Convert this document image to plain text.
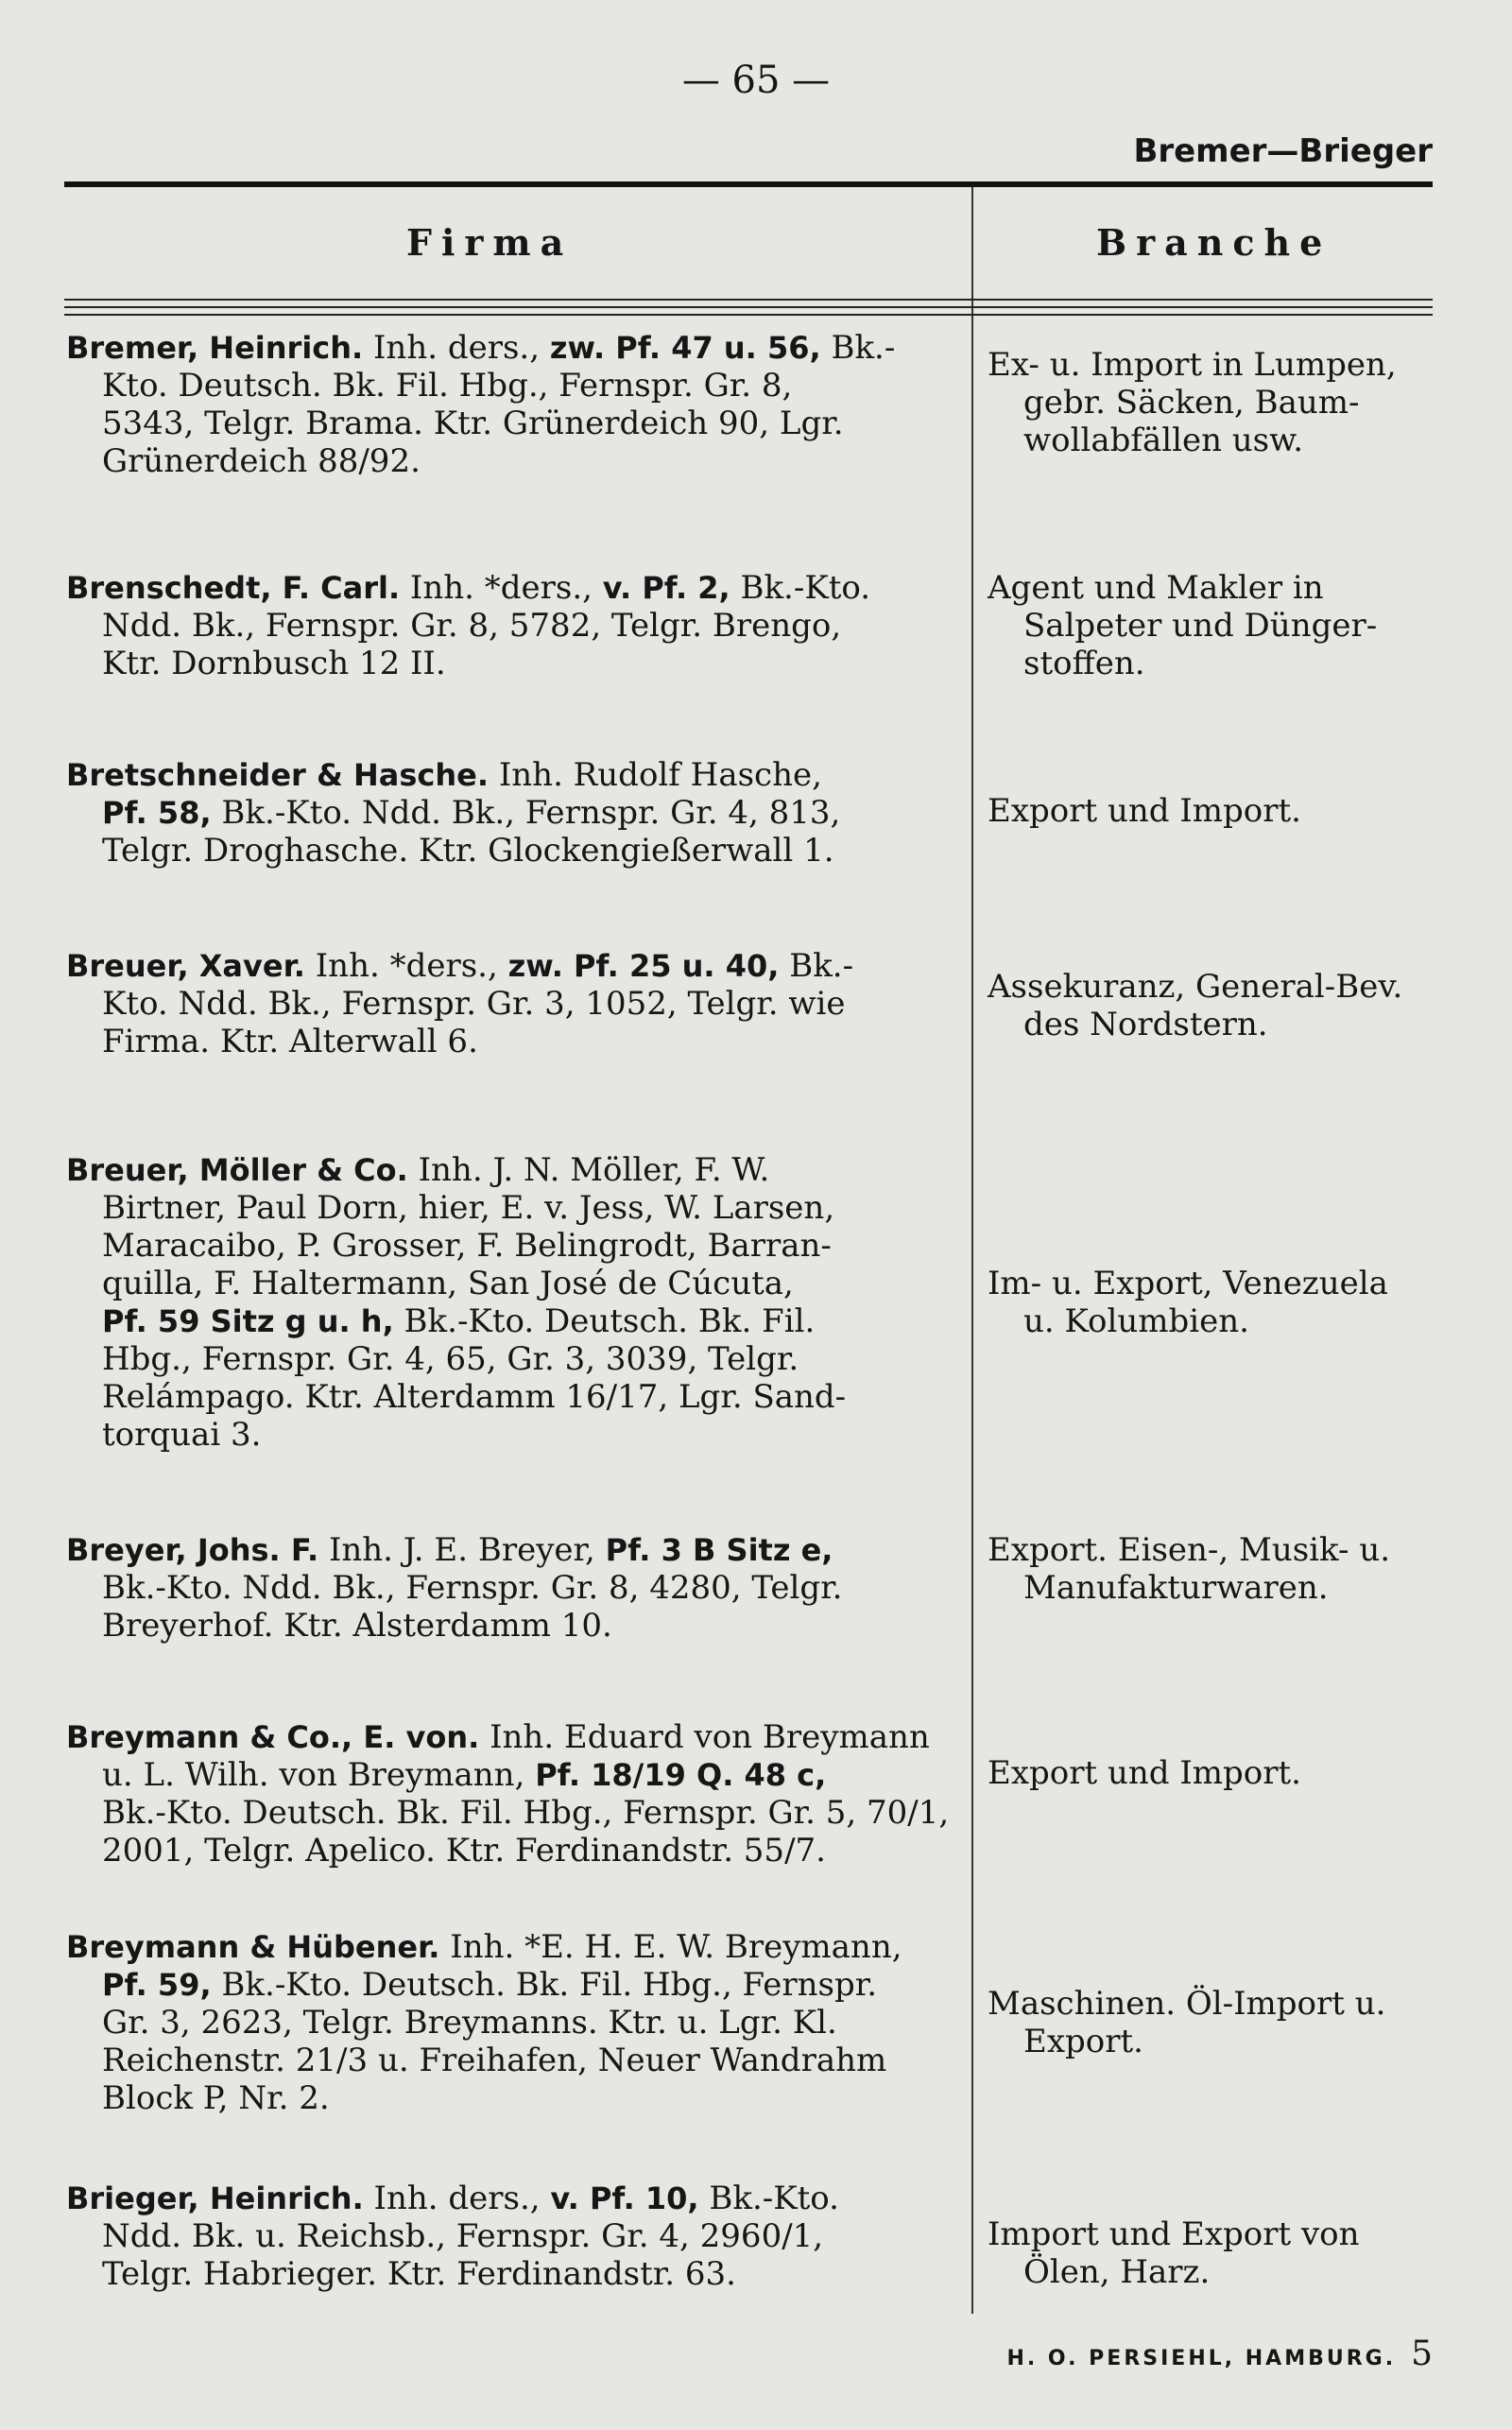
— 65 —
Bremer—Brieger
Firma	Branche
Bremer, Heinrich. Inh. ders., zw. Pf. 47 u. 56, Bk.-
Kto. Deutsch. Bk. Fil. Hbg., Fernspr. Gr. 8,
5343, Telgr. Brama. Ktr. Grünerdeich 90, Lgr.
Grünerdeich 88/92.
Ex- u. Import in Lumpen,
gebr. Säcken, Baum-
wollabfällen usw.
Brenschedt, F. Carl. Inh. *ders., v. Pf. 2, Bk.-Kto.
Ndd. Bk., Fernspr. Gr. 8, 5782, Telgr. Brengo,
Ktr. Dornbusch 12 II.
Agent und Makler in
Salpeter und Dünger-
stoffen.
Bretschneider & Hasche. Inh. Rudolf Hasche,
Pf. 58, Bk.-Kto. Ndd. Bk., Fernspr. Gr. 4, 813,
Telgr. Droghasche. Ktr. Glockengießerwall 1.
Export und Import.
Breuer, Xaver. Inh. *ders., zw. Pf. 25 u. 40, Bk.-
Kto. Ndd. Bk., Fernspr. Gr. 3, 1052, Telgr. wie
Firma. Ktr. Alterwall 6.
Assekuranz, General-Bev.
des Nordstern.
Breuer, Möller & Co. Inh. J. N. Möller, F. W.
Birtner, Paul Dorn, hier, E. v. Jess, W. Larsen,
Maracaibo, P. Grosser, F. Belingrodt, Barran-
quilla, F. Haltermann, San José de Cúcuta,
Pf. 59 Sitz g u. h, Bk.-Kto. Deutsch. Bk. Fil.
Hbg., Fernspr. Gr. 4, 65, Gr. 3, 3039, Telgr.
Relámpago. Ktr. Alterdamm 16/17, Lgr. Sand-
torquai 3.
Im- u. Export, Venezuela
u. Kolumbien.
Breyer, Johs. F. Inh. J. E. Breyer, Pf. 3 B Sitz e,
Bk.-Kto. Ndd. Bk., Fernspr. Gr. 8, 4280, Telgr.
Breyerhof. Ktr. Alsterdamm 10.
Export. Eisen-, Musik- u.
Manufakturwaren.
Breymann & Co., E. von. Inh. Eduard von Breymann
u. L. Wilh. von Breymann, Pf. 18/19 Q. 48 c,
Bk.-Kto. Deutsch. Bk. Fil. Hbg., Fernspr. Gr. 5, 70/1,
2001, Telgr. Apelico. Ktr. Ferdinandstr. 55/7.
Export und Import.
Breymann & Hübener. Inh. *E. H. E. W. Breymann,
Pf. 59, Bk.-Kto. Deutsch. Bk. Fil. Hbg., Fernspr.
Gr. 3, 2623, Telgr. Breymanns. Ktr. u. Lgr. Kl.
Reichenstr. 21/3 u. Freihafen, Neuer Wandrahm
Block P, Nr. 2.
Maschinen. Öl-Import u.
Export.
Brieger, Heinrich. Inh. ders., v. Pf. 10, Bk.-Kto.
Ndd. Bk. u. Reichsb., Fernspr. Gr. 4, 2960/1,
Telgr. Habrieger. Ktr. Ferdinandstr. 63.
Import und Export von
Ölen, Harz.
H. O. PERSIEHL, HAMBURG. 5
